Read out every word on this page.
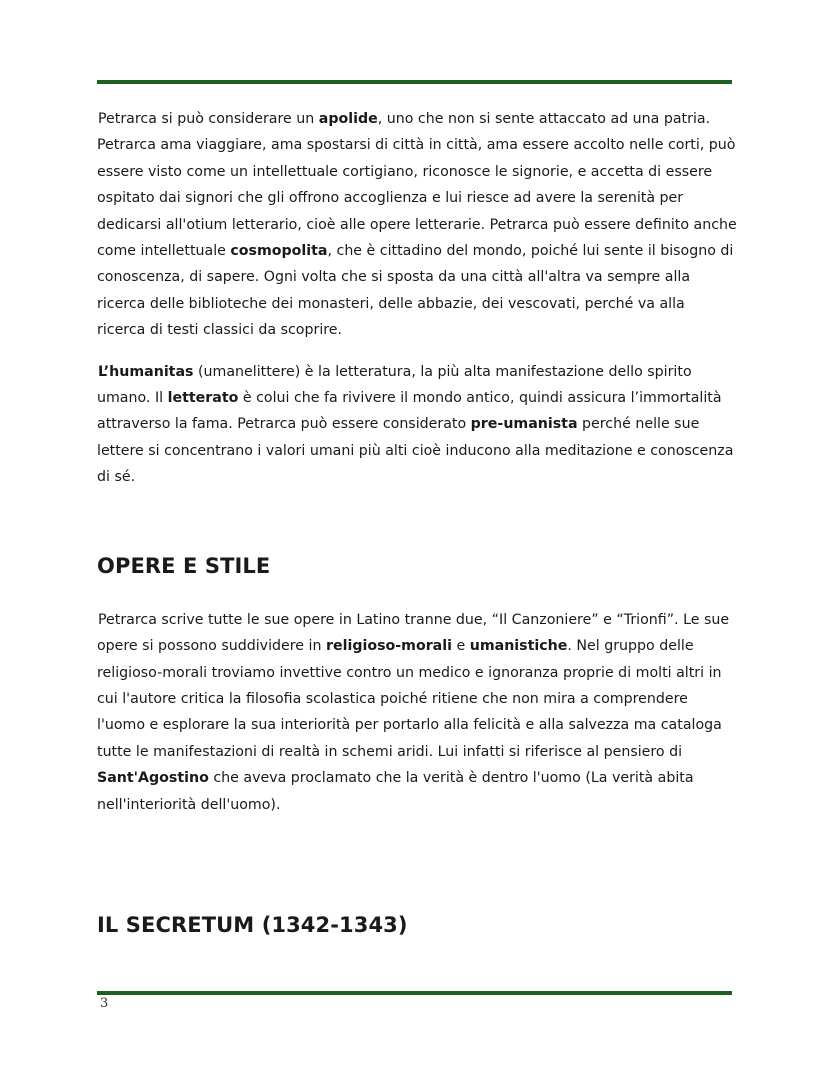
Petrarca si può considerare un apolide, uno che non si sente attaccato ad una patria. Petrarca ama viaggiare, ama spostarsi di città in città, ama essere accolto nelle corti, può essere visto come un intellettuale cortigiano, riconosce le signorie, e accetta di essere ospitato dai signori che gli offrono accoglienza e lui riesce ad avere la serenità per dedicarsi all'otium letterario, cioè alle opere letterarie. Petrarca può essere definito anche come intellettuale cosmopolita, che è cittadino del mondo, poiché lui sente il bisogno di conoscenza, di sapere. Ogni volta che si sposta da una città all'altra va sempre alla ricerca delle biblioteche dei monasteri, delle abbazie, dei vescovati, perché va alla ricerca di testi classici da scoprire.

L’humanitas (umanelittere) è la letteratura, la più alta manifestazione dello spirito umano. Il letterato è colui che fa rivivere il mondo antico, quindi assicura l’immortalità attraverso la fama. Petrarca può essere considerato pre-umanista perché nelle sue lettere si concentrano i valori umani più alti cioè inducono alla meditazione e conoscenza di sé.

OPERE E STILE

Petrarca scrive tutte le sue opere in Latino tranne due, “Il Canzoniere” e “Trionfi”. Le sue opere si possono suddividere in religioso-morali e umanistiche. Nel gruppo delle religioso-morali troviamo invettive contro un medico e ignoranza proprie di molti altri in cui l'autore critica la filosofia scolastica poiché ritiene che non mira a comprendere l'uomo e esplorare la sua interiorità per portarlo alla felicità e alla salvezza ma cataloga tutte le manifestazioni di realtà in schemi aridi. Lui infatti si riferisce al pensiero di Sant'Agostino che aveva proclamato che la verità è dentro l'uomo (La verità abita nell'interiorità dell'uomo).

IL SECRETUM (1342-1343)
3
